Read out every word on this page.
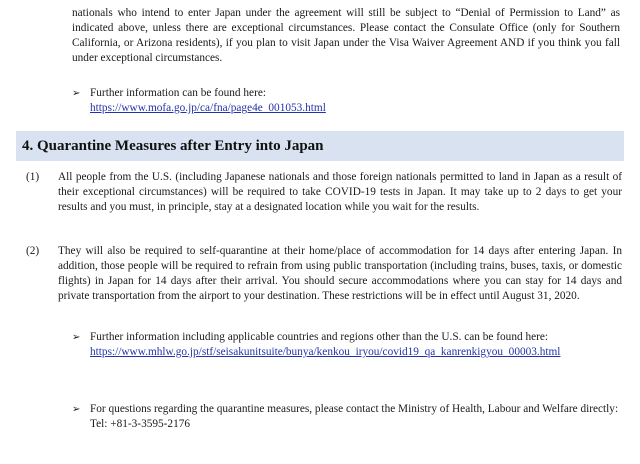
nationals who intend to enter Japan under the agreement will still be subject to “Denial of Permission to Land” as indicated above, unless there are exceptional circumstances. Please contact the Consulate Office (only for Southern California, or Arizona residents), if you plan to visit Japan under the Visa Waiver Agreement AND if you think you fall under exceptional circumstances.

➢ Further information can be found here:
https://www.mofa.go.jp/ca/fna/page4e_001053.html
4. Quarantine Measures after Entry into Japan
(1)	All people from the U.S. (including Japanese nationals and those foreign nationals permitted to land in Japan as a result of their exceptional circumstances) will be required to take COVID-19 tests in Japan. It may take up to 2 days to get your results and you must, in principle, stay at a designated location while you wait for the results.
(2)	They will also be required to self-quarantine at their home/place of accommodation for 14 days after entering Japan. In addition, those people will be required to refrain from using public transportation (including trains, buses, taxis, or domestic flights) in Japan for 14 days after their arrival. You should secure accommodations where you can stay for 14 days and private transportation from the airport to your destination. These restrictions will be in effect until August 31, 2020.
➢ Further information including applicable countries and regions other than the U.S. can be found here:
https://www.mhlw.go.jp/stf/seisakunitsuite/bunya/kenkou_iryou/covid19_qa_kanrenkigyou_00003.html
➢ For questions regarding the quarantine measures, please contact the Ministry of Health, Labour and Welfare directly: Tel: +81-3-3595-2176
